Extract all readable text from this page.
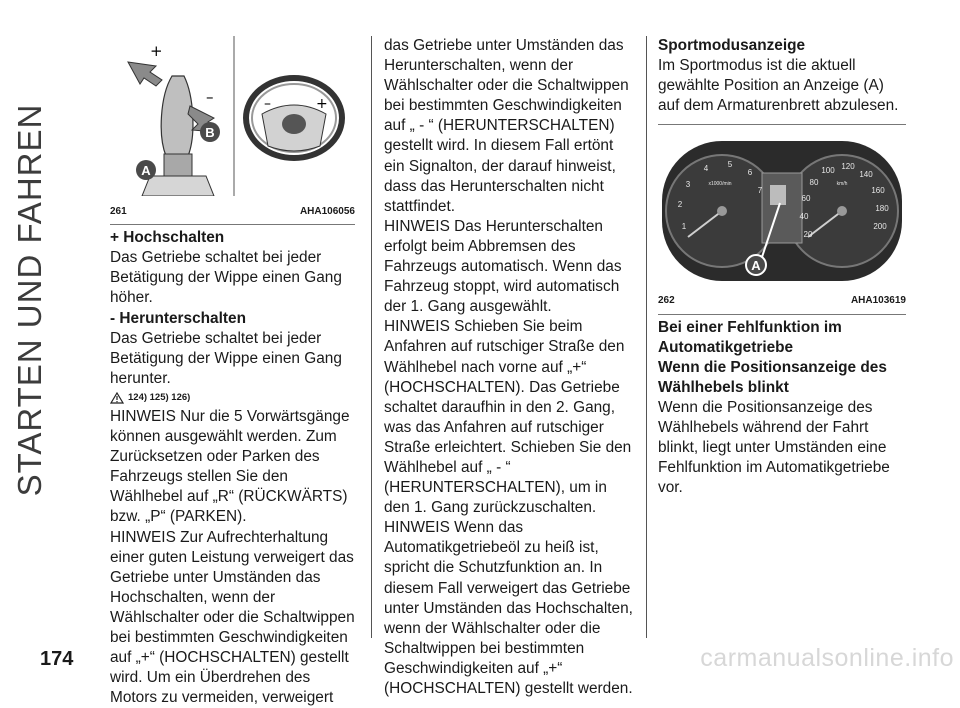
STARTEN UND FAHREN
+
–
B
A
–	+
261	AHA106056
+ Hochschalten

Das Getriebe schaltet bei jeder Betätigung der Wippe einen Gang höher.

- Herunterschalten

Das Getriebe schaltet bei jeder Betätigung der Wippe einen Gang herunter.

124) 125) 126)

HINWEIS Nur die 5 Vorwärtsgänge können ausgewählt werden. Zum Zurücksetzen oder Parken des Fahrzeugs stellen Sie den Wählhebel auf „R“ (RÜCKWÄRTS) bzw. „P“ (PARKEN).

HINWEIS Zur Aufrechterhaltung einer guten Leistung verweigert das Getriebe unter Umständen das Hochschalten, wenn der Wählschalter oder die Schaltwippen bei bestimmten Geschwindigkeiten auf „+“ (HOCHSCHALTEN) gestellt wird. Um ein Überdrehen des Motors zu vermeiden, verweigert

das Getriebe unter Umständen das Herunterschalten, wenn der Wählschalter oder die Schaltwippen bei bestimmten Geschwindigkeiten auf „ - “ (HERUNTERSCHALTEN) gestellt wird. In diesem Fall ertönt ein Signalton, der darauf hinweist, dass das Herunterschalten nicht stattfindet.

HINWEIS Das Herunterschalten erfolgt beim Abbremsen des Fahrzeugs automatisch. Wenn das Fahrzeug stoppt, wird automatisch der 1. Gang ausgewählt.

HINWEIS Schieben Sie beim Anfahren auf rutschiger Straße den Wählhebel nach vorne auf „+“ (HOCHSCHALTEN). Das Getriebe schaltet daraufhin in den 2. Gang, was das Anfahren auf rutschiger Straße erleichtert. Schieben Sie den Wählhebel auf „ - “ (HERUNTERSCHALTEN), um in den 1. Gang zurückzuschalten.

HINWEIS Wenn das Automatikgetriebeöl zu heiß ist, spricht die Schutzfunktion an. In diesem Fall verweigert das Getriebe unter Umständen das Hochschalten, wenn der Wählschalter oder die Schaltwippen bei bestimmten Geschwindigkeiten auf „+“ (HOCHSCHALTEN) gestellt werden.

Sportmodusanzeige

Im Sportmodus ist die aktuell gewählte Position an Anzeige (A) auf dem Armaturenbrett abzulesen.

1
2
3
4 5
6
7
x1000/min
20
40
60
80
100 120
140
160
180
200
km/h
A
262	AHA103619
Bei einer Fehlfunktion im Automatikgetriebe
Wenn die Positionsanzeige des Wählhebels blinkt

Wenn die Positionsanzeige des Wählhebels während der Fahrt blinkt, liegt unter Umständen eine Fehlfunktion im Automatikgetriebe vor.

174	carmanualsonline.info
